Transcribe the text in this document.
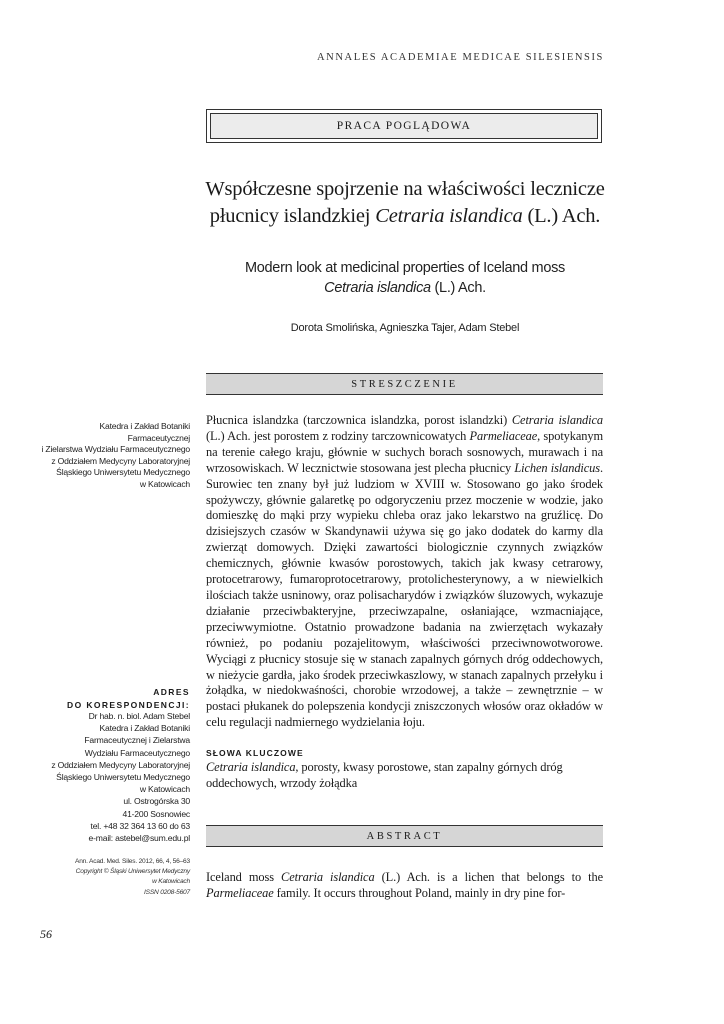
ANNALES ACADEMIAE MEDICAE SILESIENSIS
PRACA POGLĄDOWA
Współczesne spojrzenie na właściwości lecznicze
płucnicy islandzkiej Cetraria islandica (L.) Ach.
Modern look at medicinal properties of Iceland moss
Cetraria islandica (L.) Ach.
Dorota Smolińska, Agnieszka Tajer, Adam Stebel
STRESZCZENIE
Płucnica islandzka (tarczownica islandzka, porost islandzki) Cetraria islandica (L.) Ach. jest porostem z rodziny tarczownicowatych Parmeliaceae, spotykanym na terenie całego kraju, głównie w suchych borach sosnowych, murawach i na wrzosowiskach. W lecznictwie stosowana jest plecha płucnicy Lichen islandicus. Surowiec ten znany był już ludziom w XVIII w. Stosowano go jako środek spożywczy, głównie galaretkę po odgoryczeniu przez moczenie w wodzie, jako domieszkę do mąki przy wypieku chleba oraz jako lekarstwo na gruźlicę. Do dzisiejszych czasów w Skandynawii używa się go jako dodatek do karmy dla zwierząt domowych. Dzięki zawartości biologicznie czynnych związków chemicznych, głównie kwasów porostowych, takich jak kwasy cetrarowy, protocetrarowy, fumaroprotocetrarowy, protolichesterynowy, a w niewielkich ilościach także usninowy, oraz polisacharydów i związków śluzowych, wykazuje działanie przeciwbakteryjne, przeciwzapalne, osłaniające, wzmacniające, przeciwwymiotne. Ostatnio prowadzone badania na zwierzętach wykazały również, po podaniu pozajelitowym, właściwości przeciwnowotworowe. Wyciągi z płucnicy stosuje się w stanach zapalnych górnych dróg oddechowych, w nieżycie gardła, jako środek przeciwkaszlowy, w stanach zapalnych przełyku i żołądka, w niedokwaśności, chorobie wrzodowej, a także – zewnętrznie – w postaci płukanek do polepszenia kondycji zniszczonych włosów oraz okładów w celu regulacji nadmiernego wydzielania łoju.
SŁOWA KLUCZOWE
Cetraria islandica, porosty, kwasy porostowe, stan zapalny górnych dróg oddechowych, wrzody żołądka
ABSTRACT
Iceland moss Cetraria islandica (L.) Ach. is a lichen that belongs to the Parmeliaceae family. It occurs throughout Poland, mainly in dry pine for-
Katedra i Zakład Botaniki Farmaceutycznej
i Zielarstwa Wydziału Farmaceutycznego
z Oddziałem Medycyny Laboratoryjnej
Śląskiego Uniwersytetu Medycznego
w Katowicach
ADRES
DO KORESPONDENCJI:
Dr hab. n. biol. Adam Stebel
Katedra i Zakład Botaniki
Farmaceutycznej i Zielarstwa
Wydziału Farmaceutycznego
z Oddziałem Medycyny Laboratoryjnej
Śląskiego Uniwersytetu Medycznego
w Katowicach
ul. Ostrogórska 30
41-200 Sosnowiec
tel. +48 32 364 13 60 do 63
e-mail: astebel@sum.edu.pl
Ann. Acad. Med. Siles. 2012, 66, 4, 56–63
Copyright © Śląski Uniwersytet Medyczny
w Katowicach
ISSN 0208-5607
56
